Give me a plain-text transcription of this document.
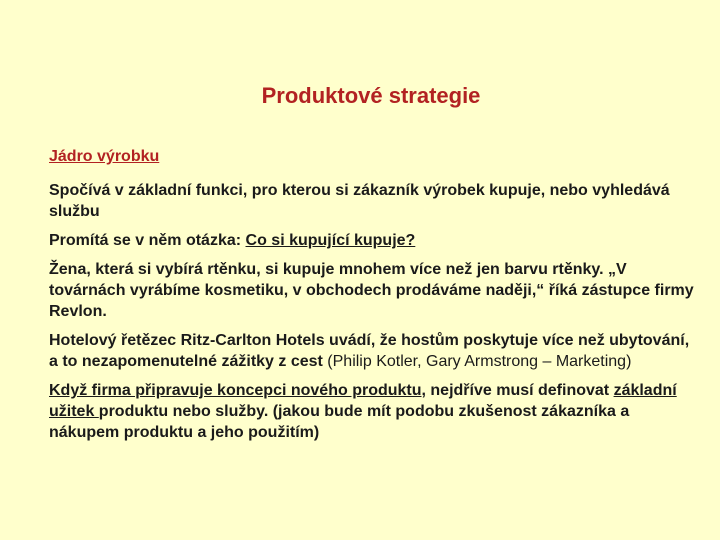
Produktové strategie

Jádro výrobku

Spočívá v základní funkci, pro kterou si zákazník výrobek kupuje, nebo vyhledává službu

Promítá se v něm otázka: Co si kupující kupuje?

Žena, která si vybírá rtěnku, si kupuje mnohem více než jen barvu rtěnky. „V továrnách vyrábíme kosmetiku, v obchodech prodáváme naději,“ říká zástupce firmy Revlon.

Hotelový řetězec Ritz-Carlton Hotels uvádí, že hostům poskytuje více než ubytování, a to nezapomenutelné zážitky z cest (Philip Kotler, Gary Armstrong – Marketing)

Když firma připravuje koncepci nového produktu, nejdříve musí definovat základní užitek produktu nebo služby. (jakou bude mít podobu zkušenost zákazníka a nákupem produktu a jeho použitím)
